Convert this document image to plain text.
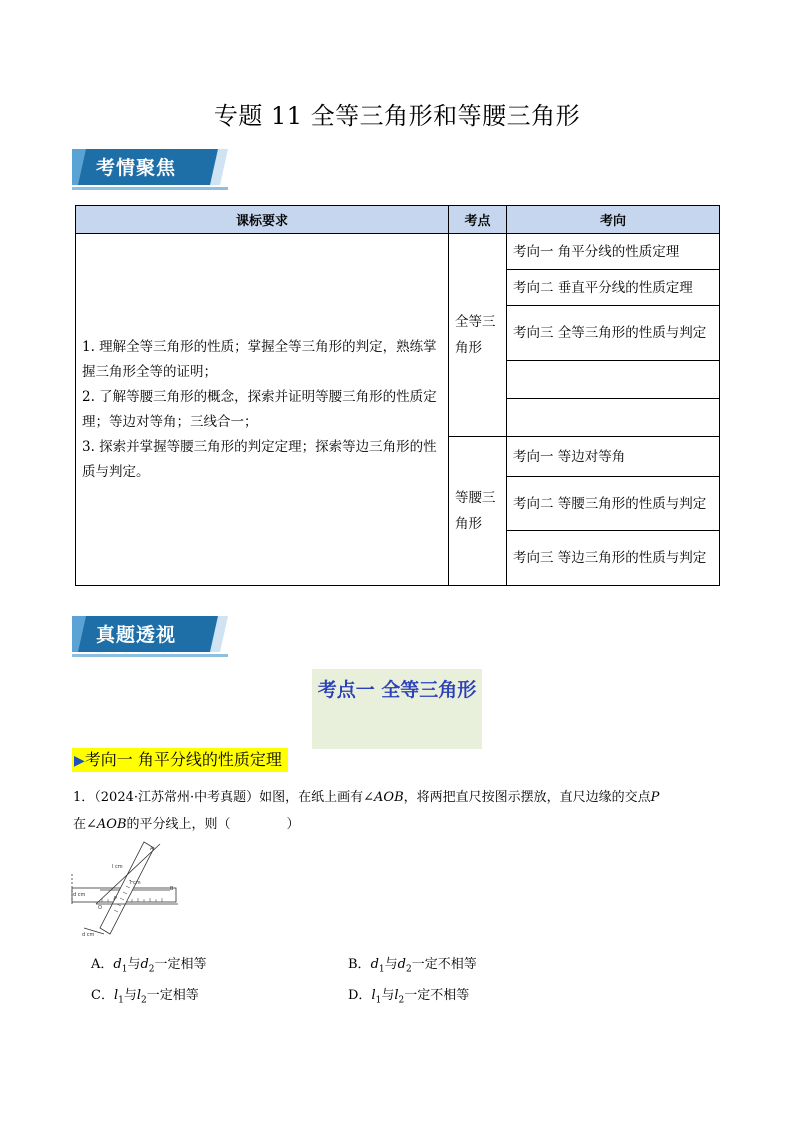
专题 11 全等三角形和等腰三角形
考情聚焦
课标要求	考点	考向

1. 理解全等三角形的性质；掌握全等三角形的判定，熟练掌握三角形全等的证明；

2. 了解等腰三角形的概念，探索并证明等腰三角形的性质定理；等边对等角；三线合一；

3. 探索并掌握等腰三角形的判定定理；探索等边三角形的性质与判定。	全等三角形	考向一 角平分线的性质定理

		考向二 垂直平分线的性质定理

		考向三 全等三角形的性质与判定

	等腰三角形	考向一 等边对等角

		考向二 等腰三角形的性质与判定

		考向三 等边三角形的性质与判定
真题透视
考点一 全等三角形
▶考向一 角平分线的性质定理
1．（2024·江苏常州·中考真题）如图，在纸上画有∠AOB，将两把直尺按图示摆放，直尺边缘的交点P
在∠AOB的平分线上，则（	）
A
B
O
l cm
d cm
l cm
P
d cm
A．$d_1$与$d_2$一定相等	B．$d_1$与$d_2$一定不相等
C．$l_1$与$l_2$一定相等	D．$l_1$与$l_2$一定不相等
